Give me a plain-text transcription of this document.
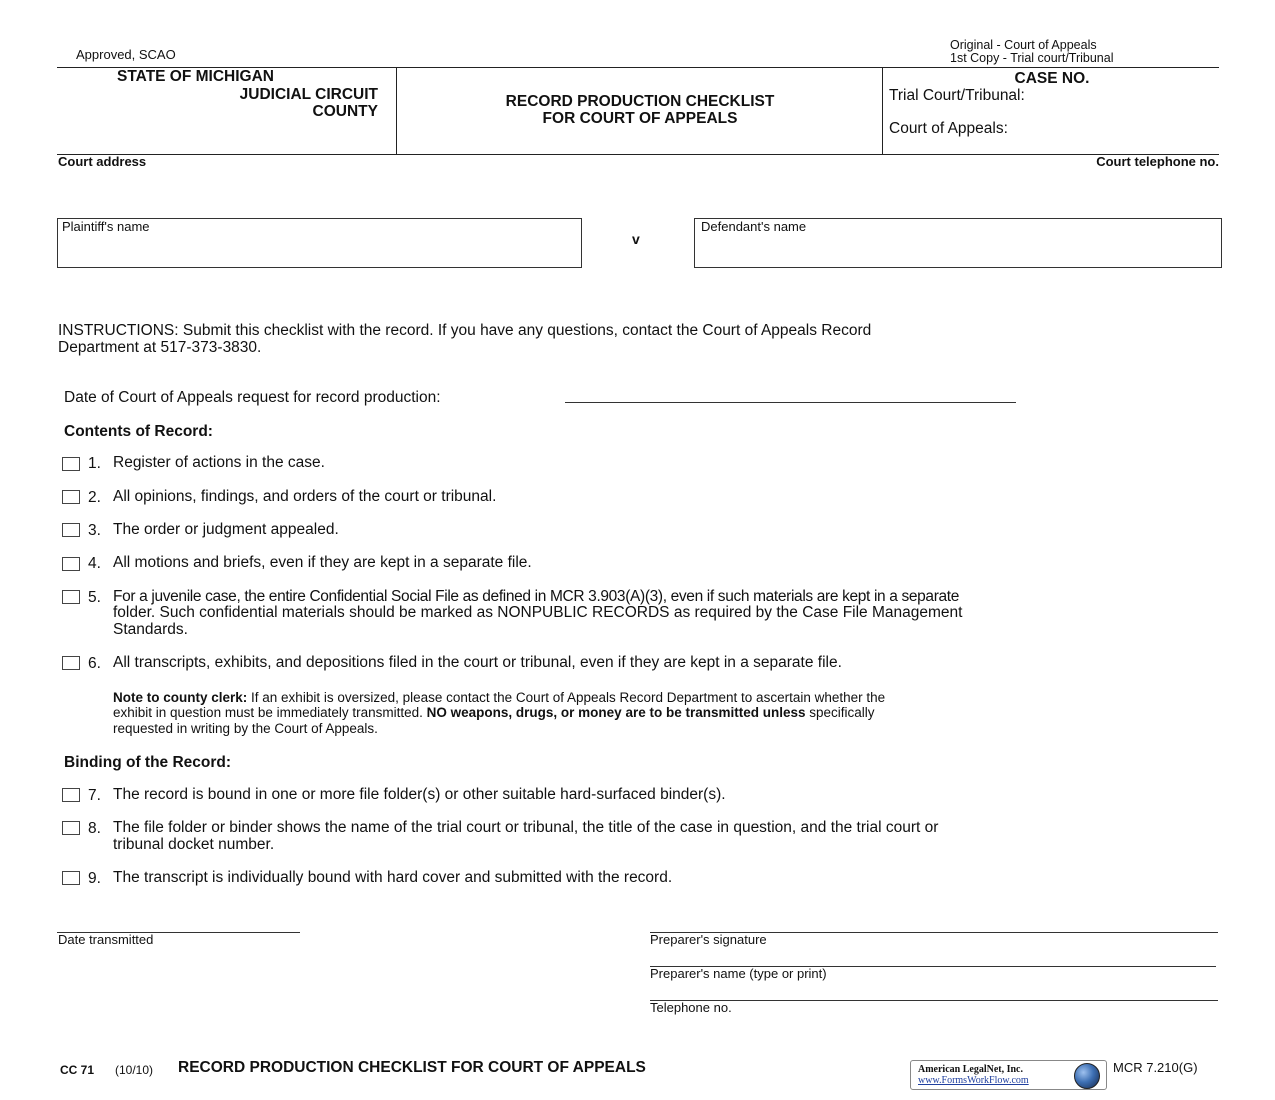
Approved, SCAO
Original - Court of Appeals
1st Copy - Trial court/Tribunal
STATE OF MICHIGAN
JUDICIAL CIRCUIT
COUNTY
RECORD PRODUCTION CHECKLIST
FOR COURT OF APPEALS
CASE NO.
Trial Court/Tribunal:
Court of Appeals:
Court address	Court telephone no.
Plaintiff's name
v
Defendant's name
INSTRUCTIONS: Submit this checklist with the record. If you have any questions, contact the Court of Appeals Record
Department at 517-373-3830.
Date of Court of Appeals request for record production:
Contents of Record:
1. Register of actions in the case.
2. All opinions, findings, and orders of the court or tribunal.
3. The order or judgment appealed.
4. All motions and briefs, even if they are kept in a separate file.
5. For a juvenile case, the entire Confidential Social File as defined in MCR 3.903(A)(3), even if such materials are kept in a separate
folder. Such confidential materials should be marked as NONPUBLIC RECORDS as required by the Case File Management
Standards.
6. All transcripts, exhibits, and depositions filed in the court or tribunal, even if they are kept in a separate file.
Note to county clerk: If an exhibit is oversized, please contact the Court of Appeals Record Department to ascertain whether the
exhibit in question must be immediately transmitted. NO weapons, drugs, or money are to be transmitted unless specifically
requested in writing by the Court of Appeals.
Binding of the Record:
7. The record is bound in one or more file folder(s) or other suitable hard-surfaced binder(s).
8. The file folder or binder shows the name of the trial court or tribunal, the title of the case in question, and the trial court or
tribunal docket number.
9. The transcript is individually bound with hard cover and submitted with the record.
Date transmitted	Preparer's signature
Preparer's name (type or print)
Telephone no.
CC 71 (10/10) RECORD PRODUCTION CHECKLIST FOR COURT OF APPEALS	American LegalNet, Inc.
www.FormsWorkFlow.com
MCR 7.210(G)
